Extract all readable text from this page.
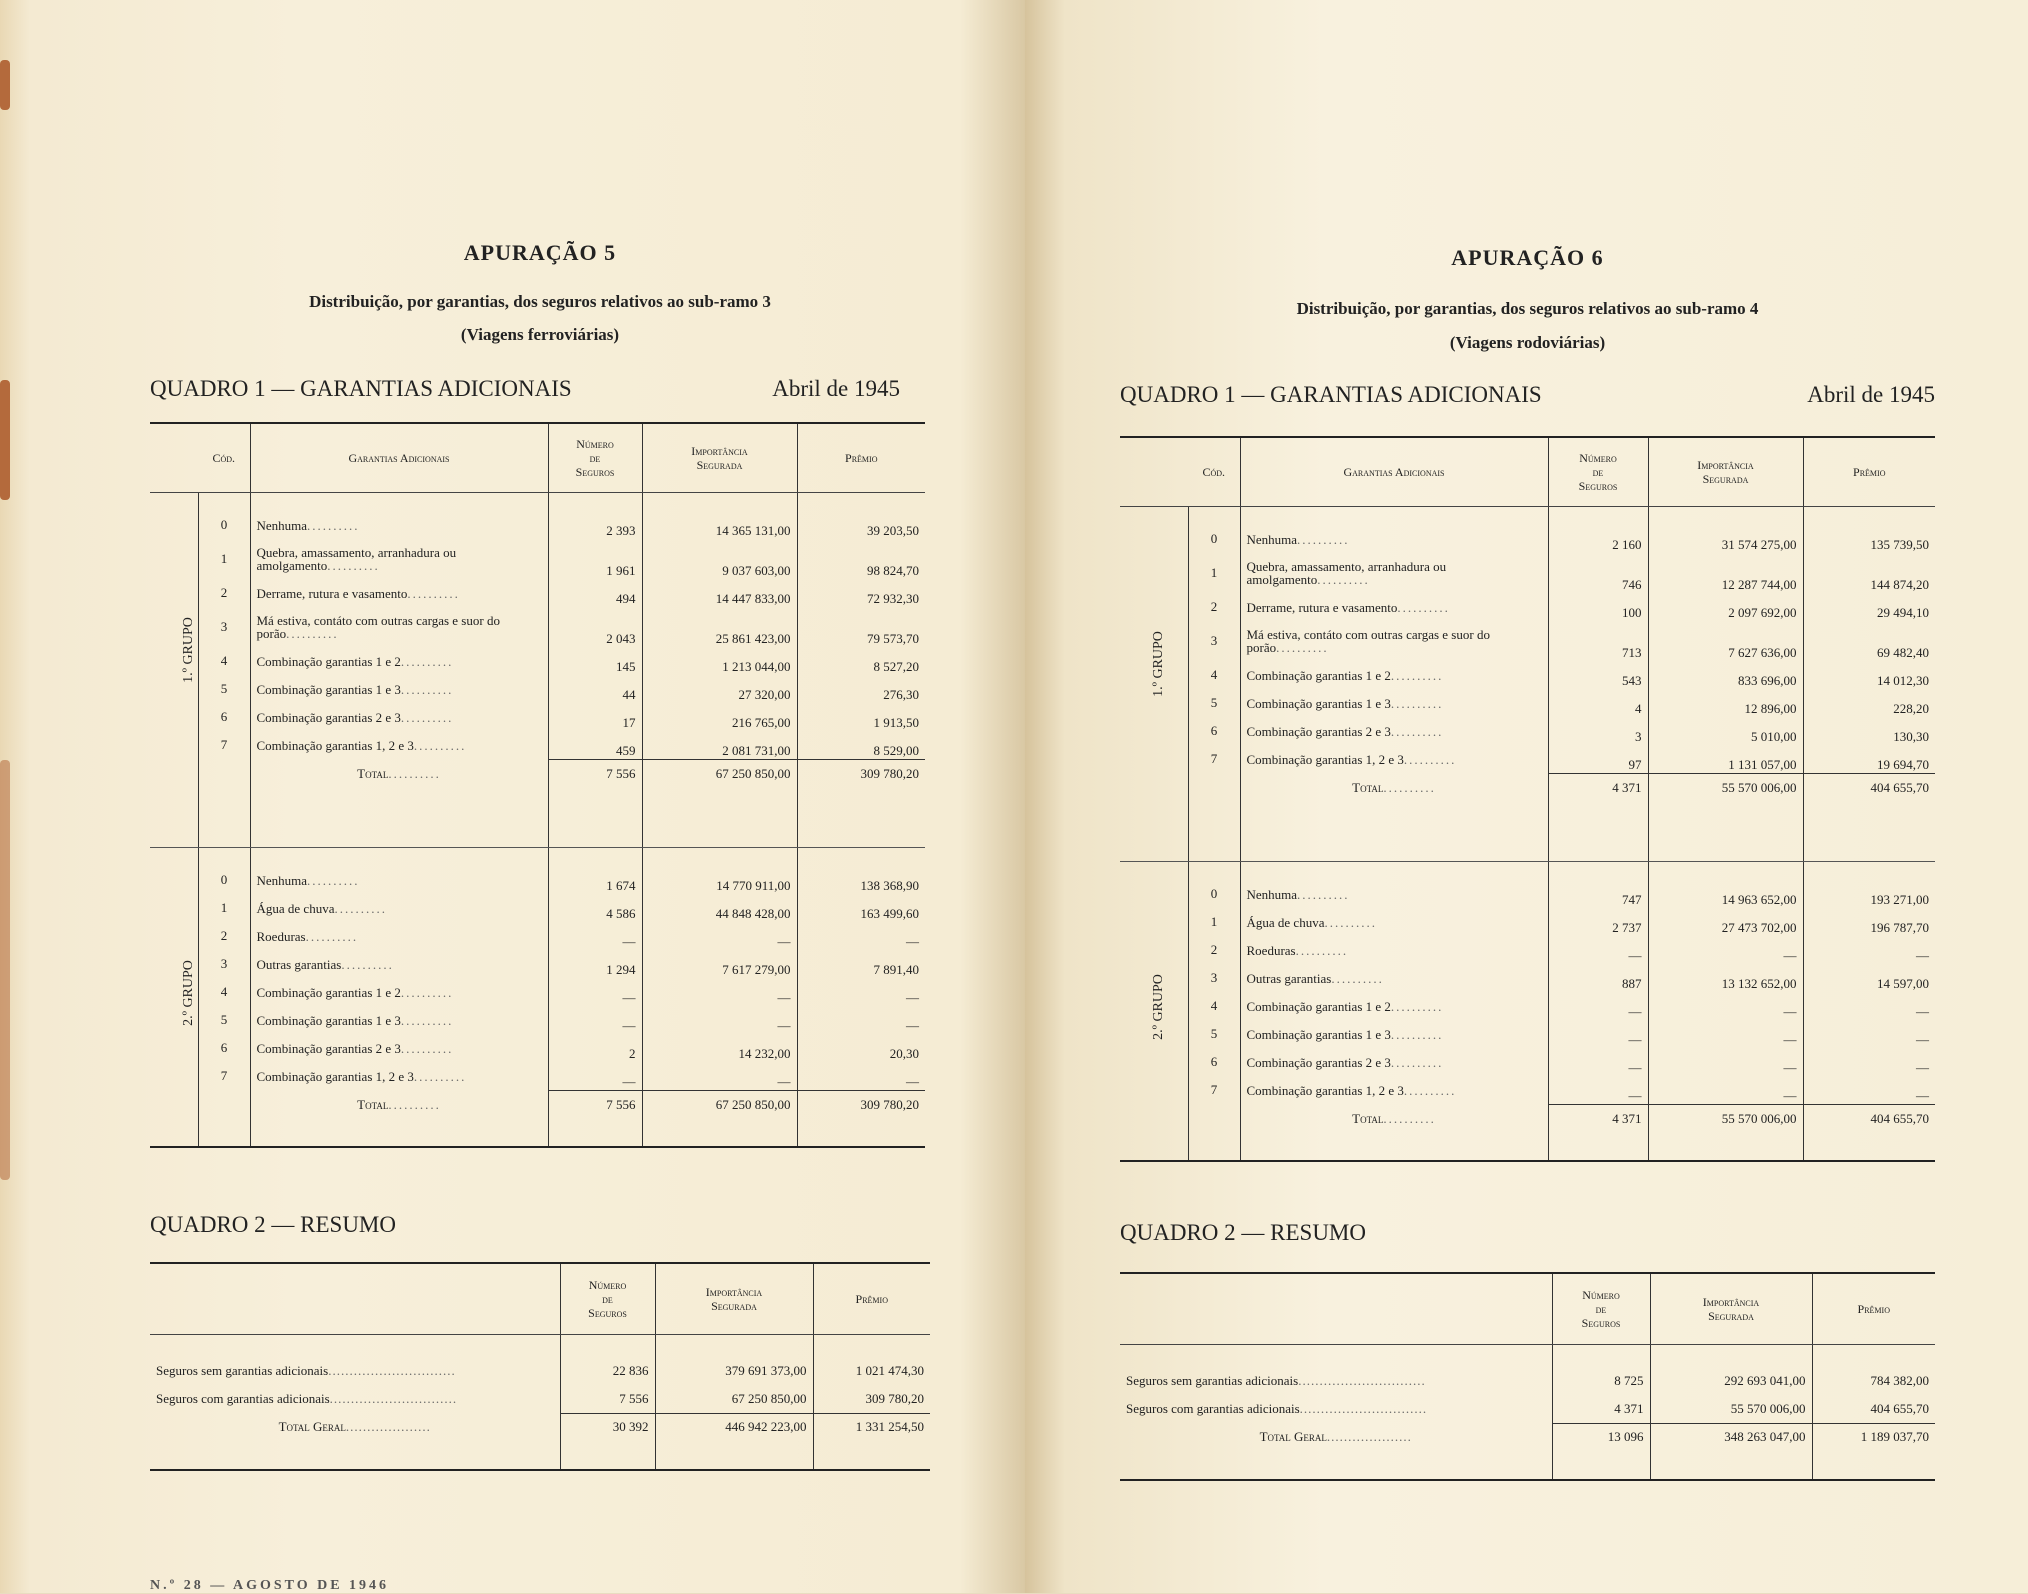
APURAÇÃO 5
Distribuição, por garantias, dos seguros relativos ao sub-ramo 3
(Viagens ferroviárias)
QUADRO 1 — GARANTIAS ADICIONAIS	Abril de 1945
	Cód.	Garantias Adicionais	Número
de
Seguros	Importância
Segurada	Prêmio

1.º GRUPO	0	Nenhuma..........	2 393	14 365 131,00	39 203,50
	1	Quebra, amassamento, arranhadura ou amolgamento..........	1 961	9 037 603,00	98 824,70
	2	Derrame, rutura e vasamento..........	494	14 447 833,00	72 932,30
	3	Má estiva, contáto com outras cargas e suor do porão..........	2 043	25 861 423,00	79 573,70
	4	Combinação garantias 1 e 2..........	145	1 213 044,00	8 527,20
	5	Combinação garantias 1 e 3..........	44	27 320,00	276,30
	6	Combinação garantias 2 e 3..........	17	216 765,00	1 913,50
	7	Combinação garantias 1, 2 e 3..........	459	2 081 731,00	8 529,00
		Total..........	7 556	67 250 850,00	309 780,20

2.º GRUPO	0	Nenhuma..........	1 674	14 770 911,00	138 368,90
	1	Água de chuva..........	4 586	44 848 428,00	163 499,60
	2	Roeduras..........	—	—	—
	3	Outras garantias..........	1 294	7 617 279,00	7 891,40
	4	Combinação garantias 1 e 2..........	—	—	—
	5	Combinação garantias 1 e 3..........	—	—	—
	6	Combinação garantias 2 e 3..........	2	14 232,00	20,30
	7	Combinação garantias 1, 2 e 3..........	—	—	—
		Total..........	7 556	67 250 850,00	309 780,20

QUADRO 2 — RESUMO
	Número
de
Seguros	Importância
Segurada	Prêmio

Seguros sem garantias adicionais..............................	22 836	379 691 373,00	1 021 474,30
Seguros com garantias adicionais..............................	7 556	67 250 850,00	309 780,20
Total Geral....................	30 392	446 942 223,00	1 331 254,50

N.º 28 — AGOSTO DE 1946
APURAÇÃO 6
Distribuição, por garantias, dos seguros relativos ao sub-ramo 4
(Viagens rodoviárias)
QUADRO 1 — GARANTIAS ADICIONAIS	Abril de 1945
	Cód.	Garantias Adicionais	Número
de
Seguros	Importância
Segurada	Prêmio

1.º GRUPO	0	Nenhuma..........	2 160	31 574 275,00	135 739,50
	1	Quebra, amassamento, arranhadura ou amolgamento..........	746	12 287 744,00	144 874,20
	2	Derrame, rutura e vasamento..........	100	2 097 692,00	29 494,10
	3	Má estiva, contáto com outras cargas e suor do porão..........	713	7 627 636,00	69 482,40
	4	Combinação garantias 1 e 2..........	543	833 696,00	14 012,30
	5	Combinação garantias 1 e 3..........	4	12 896,00	228,20
	6	Combinação garantias 2 e 3..........	3	5 010,00	130,30
	7	Combinação garantias 1, 2 e 3..........	97	1 131 057,00	19 694,70
		Total..........	4 371	55 570 006,00	404 655,70

2.º GRUPO	0	Nenhuma..........	747	14 963 652,00	193 271,00
	1	Água de chuva..........	2 737	27 473 702,00	196 787,70
	2	Roeduras..........	—	—	—
	3	Outras garantias..........	887	13 132 652,00	14 597,00
	4	Combinação garantias 1 e 2..........	—	—	—
	5	Combinação garantias 1 e 3..........	—	—	—
	6	Combinação garantias 2 e 3..........	—	—	—
	7	Combinação garantias 1, 2 e 3..........	—	—	—
		Total..........	4 371	55 570 006,00	404 655,70

QUADRO 2 — RESUMO
	Número
de
Seguros	Importância
Segurada	Prêmio

Seguros sem garantias adicionais..............................	8 725	292 693 041,00	784 382,00
Seguros com garantias adicionais..............................	4 371	55 570 006,00	404 655,70
Total Geral....................	13 096	348 263 047,00	1 189 037,70
